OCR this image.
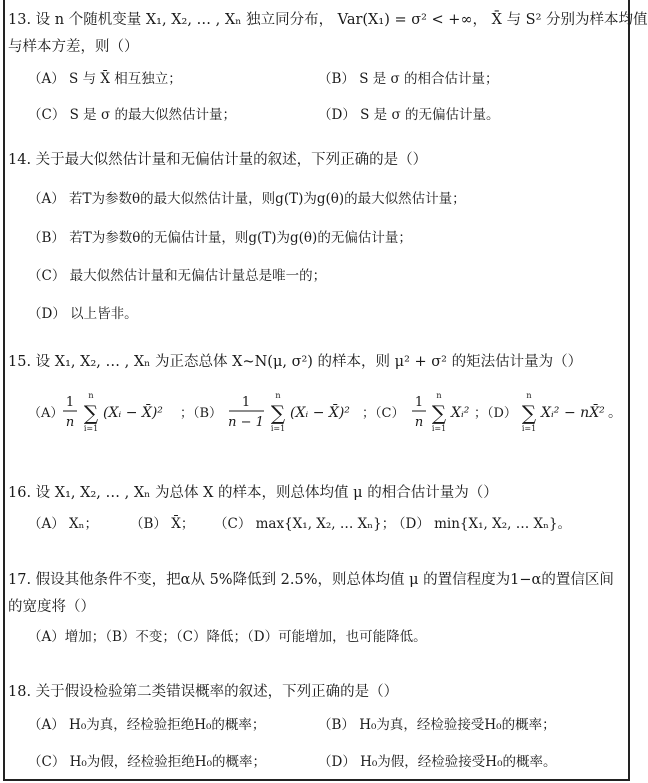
13. 设 n 个随机变量 X₁, X₂, … , Xₙ 独立同分布， Var(X₁) = σ² < +∞， X̄ 与 S² 分别为样本均值
与样本方差，则（）
（A） S 与 X̄ 相互独立；	（B） S 是 σ 的相合估计量；
（C） S 是 σ 的最大似然估计量；	（D） S 是 σ 的无偏估计量。
14. 关于最大似然估计量和无偏估计量的叙述，下列正确的是（）
（A） 若T为参数θ的最大似然估计量，则g(T)为g(θ)的最大似然估计量；
（B） 若T为参数θ的无偏估计量，则g(T)为g(θ)的无偏估计量；
（C） 最大似然估计量和无偏估计量总是唯一的；
（D） 以上皆非。
15. 设 X₁, X₂, … , Xₙ 为正态总体 X~N(μ, σ²) 的样本，则 μ² + σ² 的矩法估计量为（）
（A）
1
n
n
∑
i=1
(Xᵢ − X̄)² ；（B）
1
n − 1
n
∑
i=1
(Xᵢ − X̄)² ；（C）
1
n
n
∑
i=1
Xᵢ² ；（D）
n
∑
i=1
Xᵢ² − nX̄² 。
16. 设 X₁, X₂, … , Xₙ 为总体 X 的样本，则总体均值 μ 的相合估计量为（）
（A） Xₙ； （B） X̄； （C） max{X₁, X₂, … Xₙ}；
（D） min{X₁, X₂, … Xₙ}。
17. 假设其他条件不变，把α从 5%降低到 2.5%，则总体均值 μ 的置信程度为1−α的置信区间
的宽度将（）
（A）增加；（B）不变；（C）降低；（D）可能增加，也可能降低。
18. 关于假设检验第二类错误概率的叙述，下列正确的是（）
（A） H₀为真，经检验拒绝H₀的概率；	（B） H₀为真，经检验接受H₀的概率；
（C） H₀为假，经检验拒绝H₀的概率；	（D） H₀为假，经检验接受H₀的概率。
